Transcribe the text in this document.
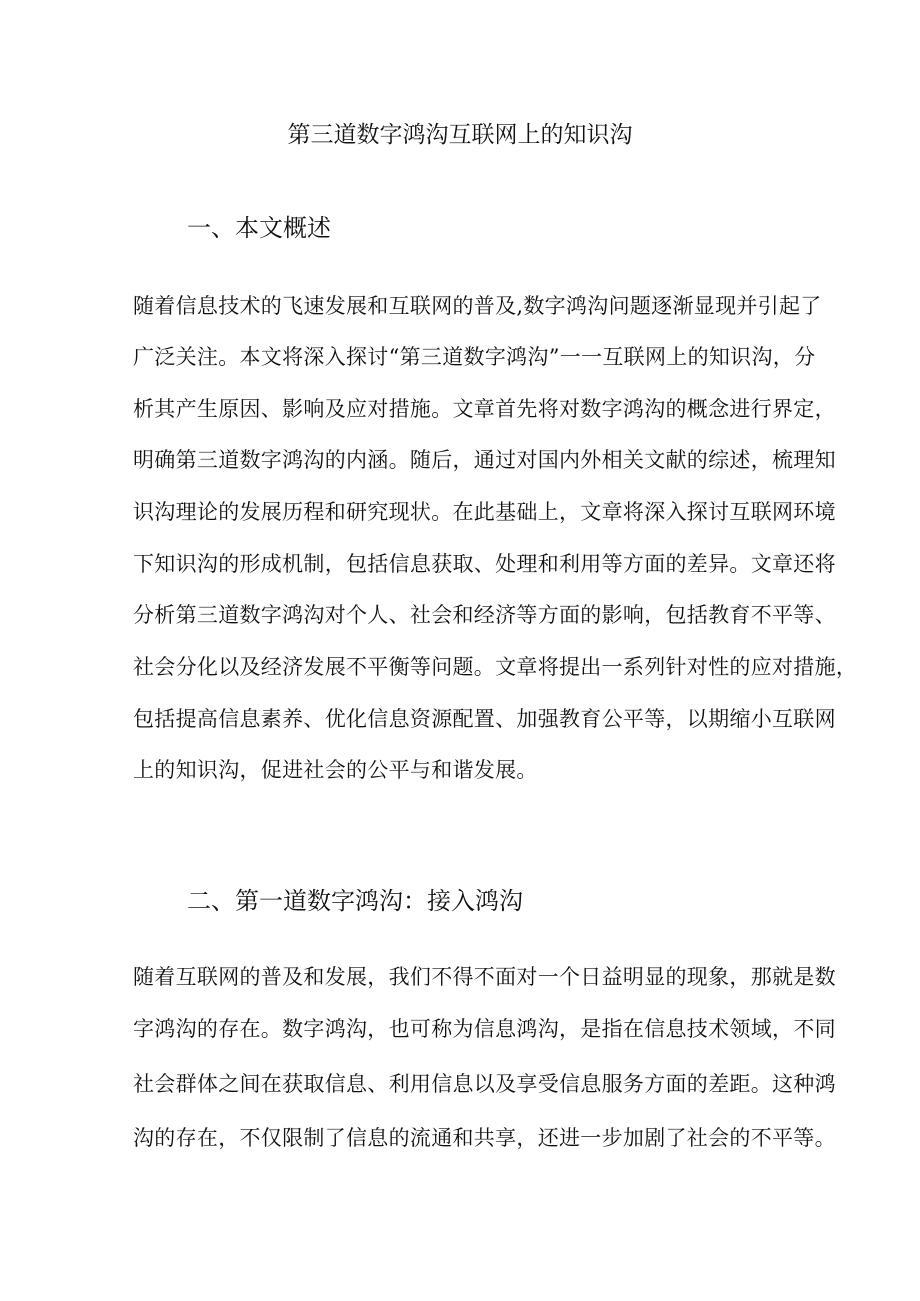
第三道数字鸿沟互联网上的知识沟
一、本文概述
随着信息技术的飞速发展和互联网的普及,数字鸿沟问题逐渐显现并引起了
广泛关注。本文将深入探讨“第三道数字鸿沟”一一互联网上的知识沟，分
析其产生原因、影响及应对措施。文章首先将对数字鸿沟的概念进行界定，
明确第三道数字鸿沟的内涵。随后，通过对国内外相关文献的综述，梳理知
识沟理论的发展历程和研究现状。在此基础上，文章将深入探讨互联网环境
下知识沟的形成机制，包括信息获取、处理和利用等方面的差异。文章还将
分析第三道数字鸿沟对个人、社会和经济等方面的影响，包括教育不平等、
社会分化以及经济发展不平衡等问题。文章将提出一系列针对性的应对措施，
包括提高信息素养、优化信息资源配置、加强教育公平等，以期缩小互联网
上的知识沟，促进社会的公平与和谐发展。
二、第一道数字鸿沟：接入鸿沟
随着互联网的普及和发展，我们不得不面对一个日益明显的现象，那就是数
字鸿沟的存在。数字鸿沟，也可称为信息鸿沟，是指在信息技术领域，不同
社会群体之间在获取信息、利用信息以及享受信息服务方面的差距。这种鸿
沟的存在，不仅限制了信息的流通和共享，还进一步加剧了社会的不平等。
